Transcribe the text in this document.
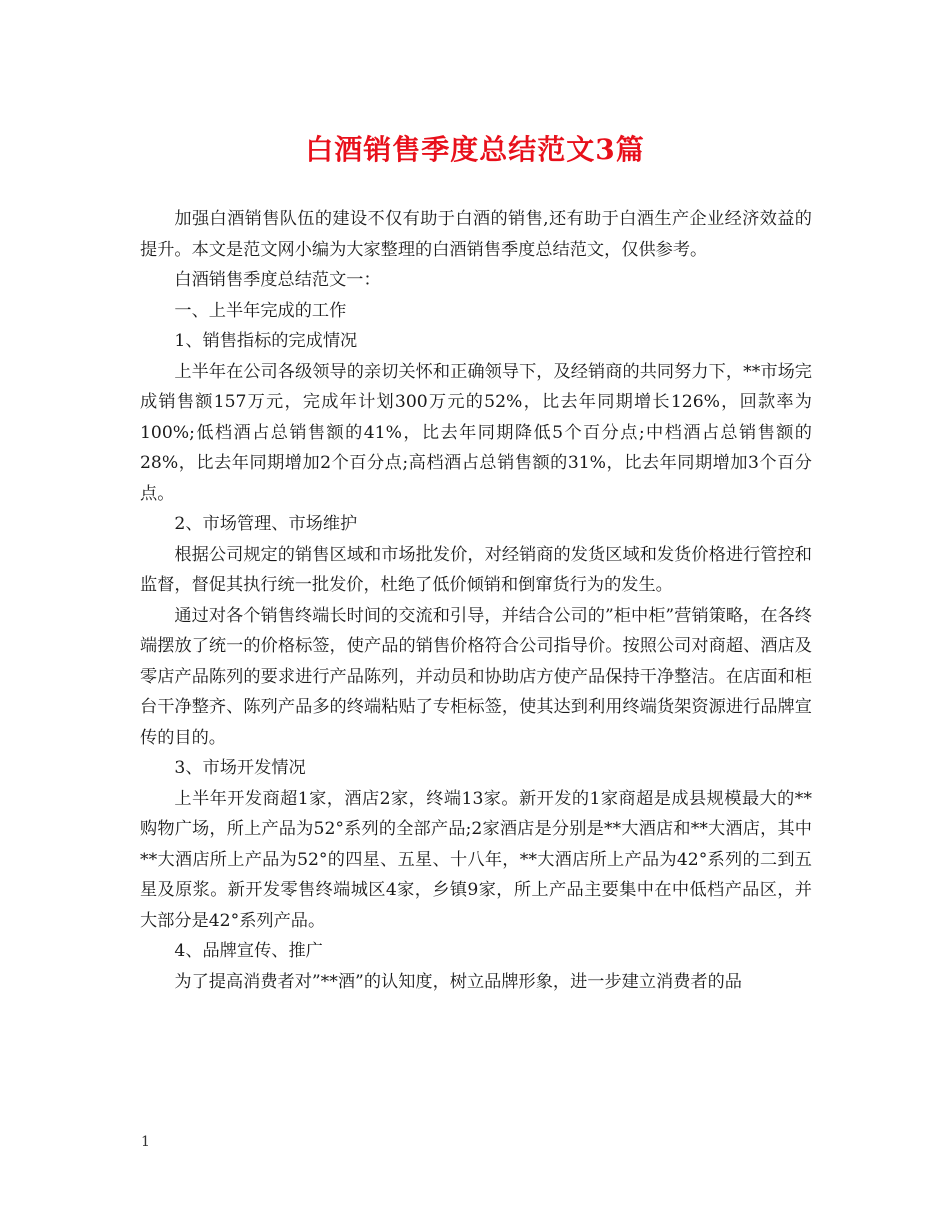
白酒销售季度总结范文3篇

加强白酒销售队伍的建设不仅有助于白酒的销售,还有助于白酒生产企业经济效益的提升。本文是范文网小编为大家整理的白酒销售季度总结范文，仅供参考。

白酒销售季度总结范文一：

一、上半年完成的工作

1、销售指标的完成情况

上半年在公司各级领导的亲切关怀和正确领导下，及经销商的共同努力下，**市场完成销售额157万元，完成年计划300万元的52%，比去年同期增长126%，回款率为100%;低档酒占总销售额的41%，比去年同期降低5个百分点;中档酒占总销售额的28%，比去年同期增加2个百分点;高档酒占总销售额的31%，比去年同期增加3个百分点。

2、市场管理、市场维护

根据公司规定的销售区域和市场批发价，对经销商的发货区域和发货价格进行管控和监督，督促其执行统一批发价，杜绝了低价倾销和倒窜货行为的发生。

通过对各个销售终端长时间的交流和引导，并结合公司的”柜中柜”营销策略，在各终端摆放了统一的价格标签，使产品的销售价格符合公司指导价。按照公司对商超、酒店及零店产品陈列的要求进行产品陈列，并动员和协助店方使产品保持干净整洁。在店面和柜台干净整齐、陈列产品多的终端粘贴了专柜标签，使其达到利用终端货架资源进行品牌宣传的目的。

3、市场开发情况

上半年开发商超1家，酒店2家，终端13家。新开发的1家商超是成县规模最大的**购物广场，所上产品为52°系列的全部产品;2家酒店是分别是**大酒店和**大酒店，其中**大酒店所上产品为52°的四星、五星、十八年，**大酒店所上产品为42°系列的二到五星及原浆。新开发零售终端城区4家，乡镇9家，所上产品主要集中在中低档产品区，并大部分是42°系列产品。

4、品牌宣传、推广

为了提高消费者对”**酒”的认知度，树立品牌形象，进一步建立消费者的品

1
